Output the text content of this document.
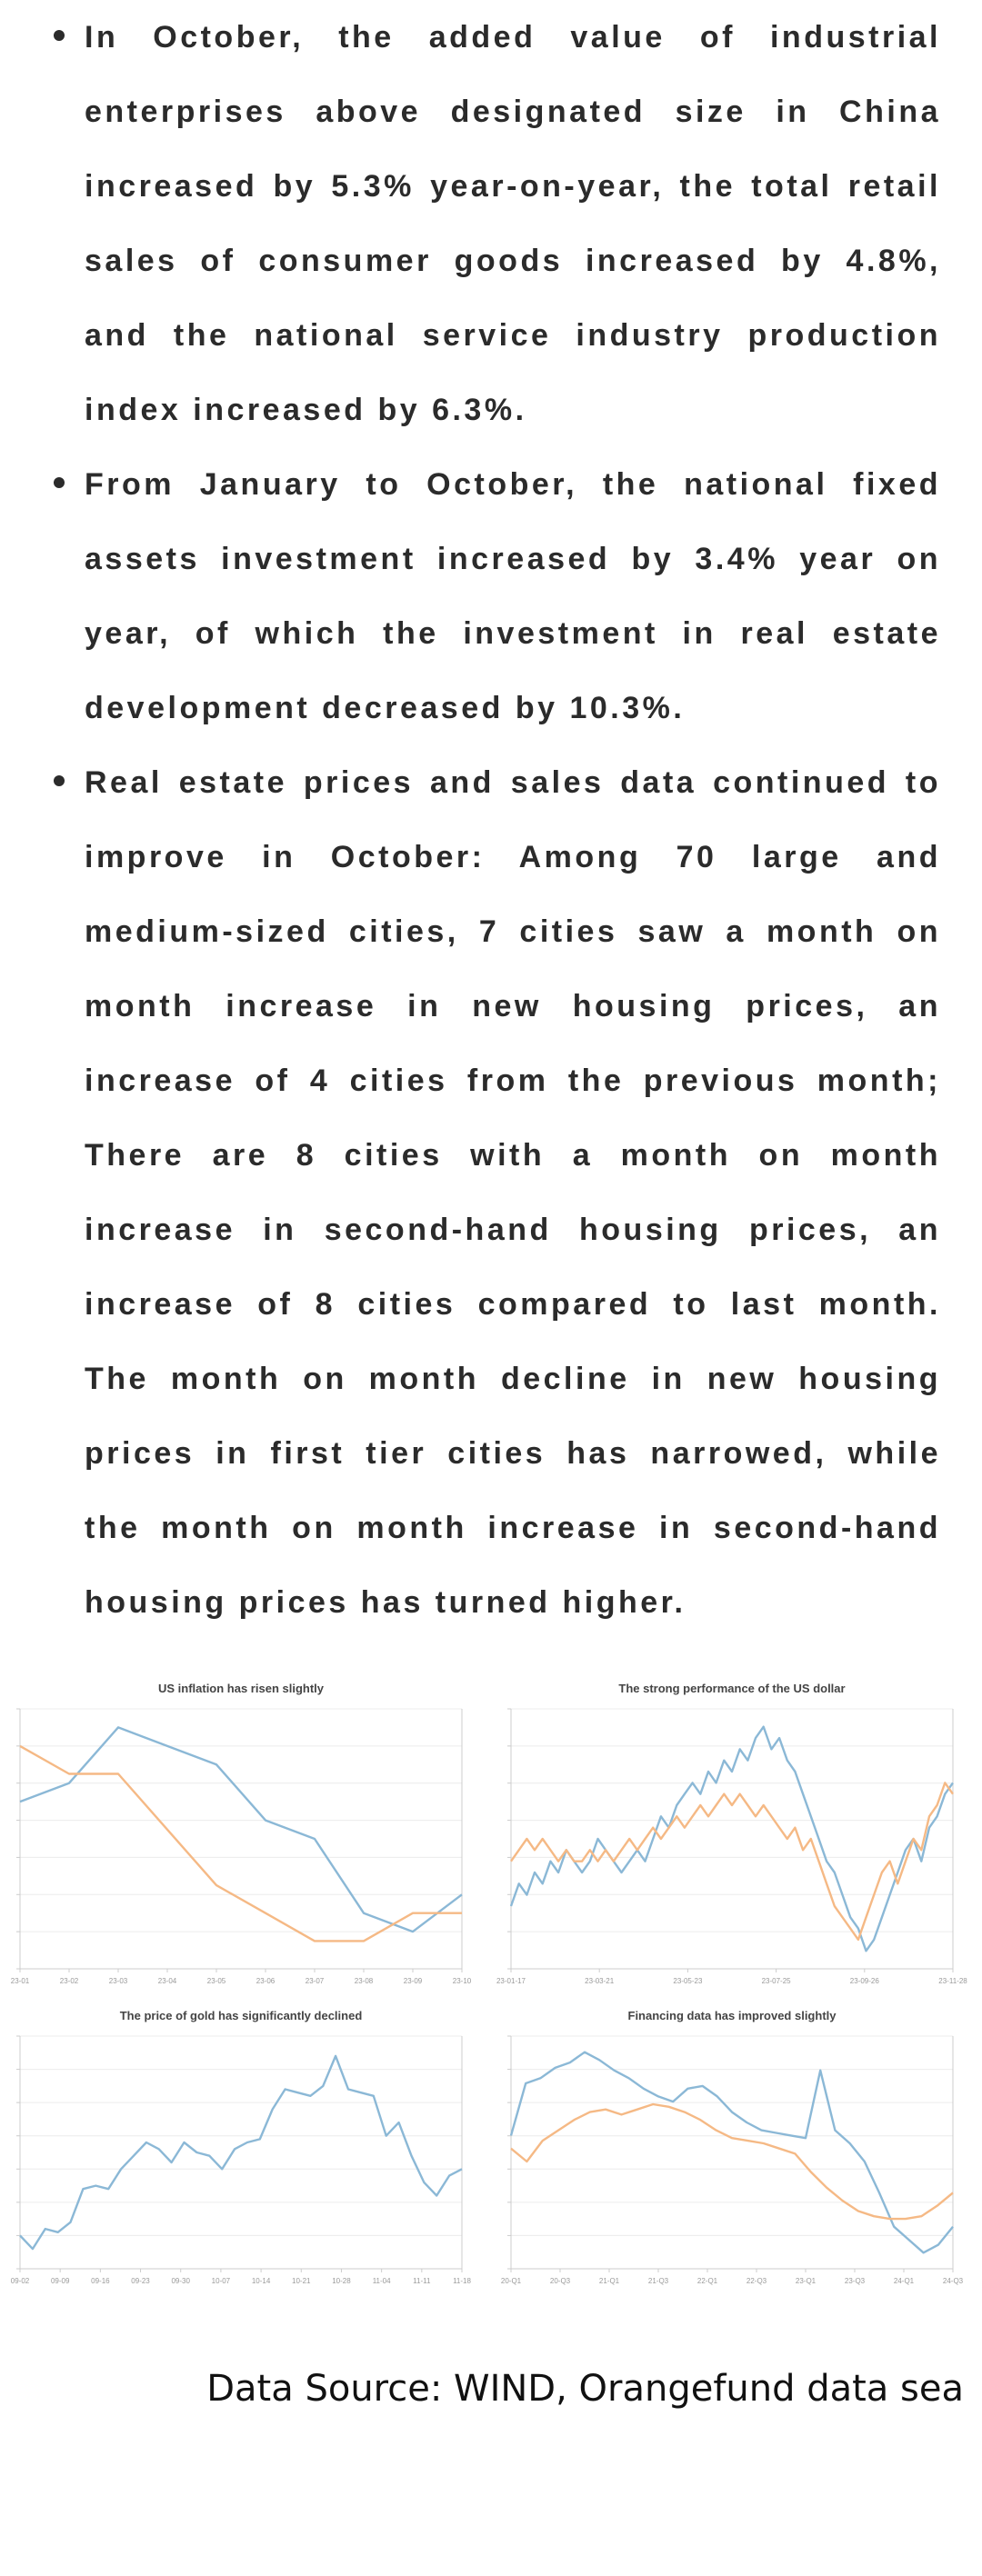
In October, the added value of industrial enterprises above designated size in China increased by 5.3% year-on-year, the total retail sales of consumer goods increased by 4.8%, and the national service industry production index increased by 6.3%.
From January to October, the national fixed assets investment increased by 3.4% year on year, of which the investment in real estate development decreased by 10.3%.
Real estate prices and sales data continued to improve in October: Among 70 large and medium-sized cities, 7 cities saw a month on month increase in new housing prices, an increase of 4 cities from the previous month; There are 8 cities with a month on month increase in second-hand housing prices, an increase of 8 cities compared to last month. The month on month decline in new housing prices in first tier cities has narrowed, while the month on month increase in second-hand housing prices has turned higher.
US inflation has risen slightly
23-01	23-02	23-03	23-04	23-05	23-06	23-07	23-08	23-09	23-10
The strong performance of the US dollar
23-01-17	23-03-21	23-05-23	23-07-25	23-09-26	23-11-28
The price of gold has significantly declined
09-02	09-09	09-16	09-23	09-30	10-07	10-14	10-21	10-28	11-04	11-11	11-18
Financing data has improved slightly
20-Q1	20-Q3	21-Q1	21-Q3	22-Q1	22-Q3	23-Q1	23-Q3	24-Q1	24-Q3
Data Source: WIND, Orangefund data sea
